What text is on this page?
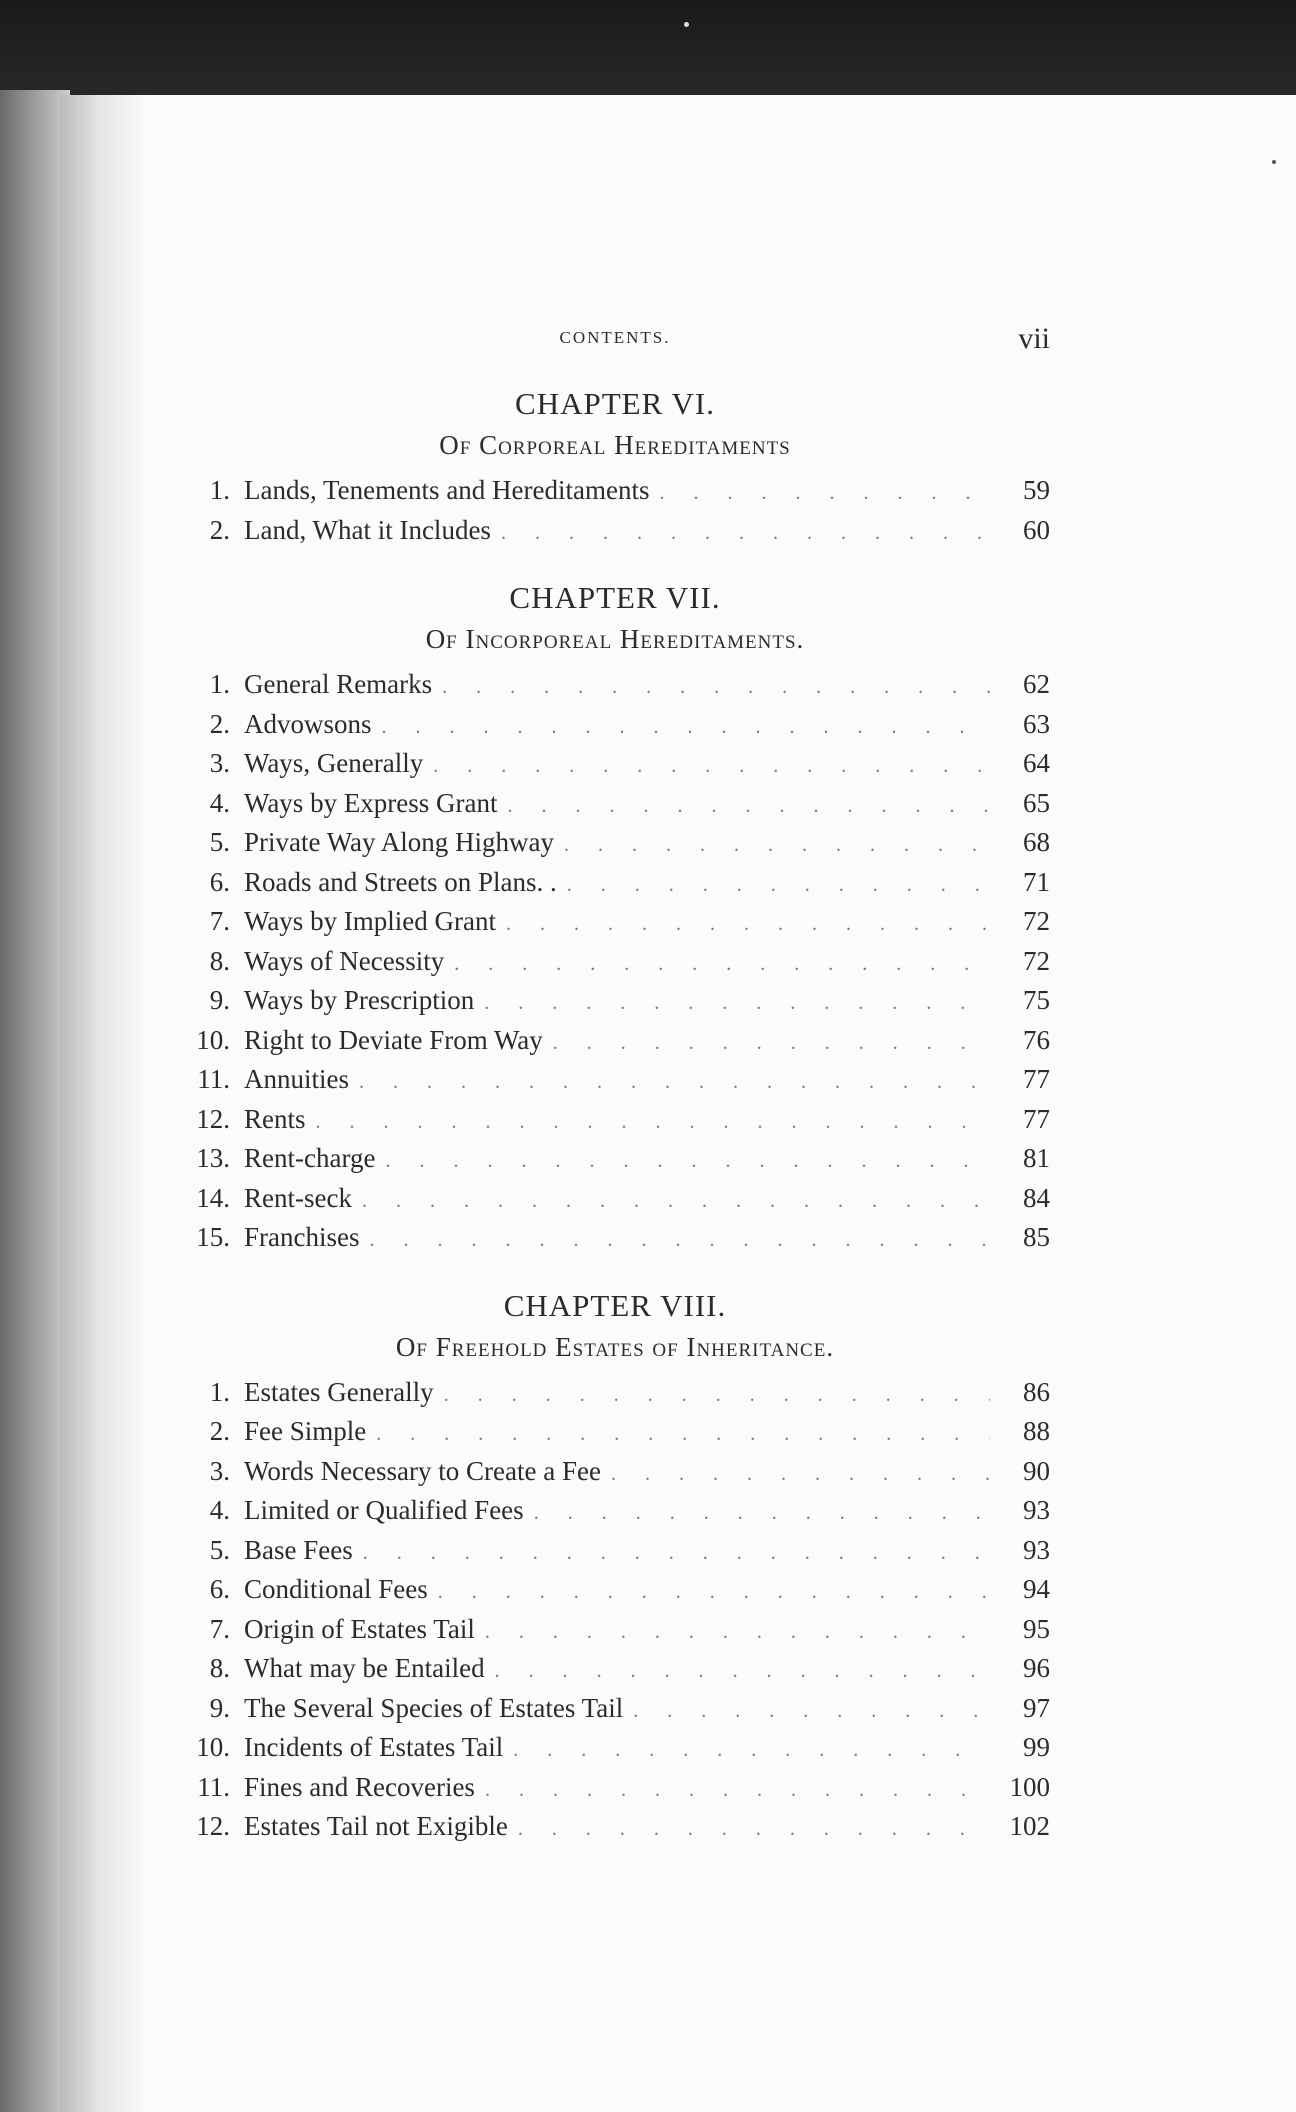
CONTENTS.	vii
CHAPTER VI.
Of Corporeal Hereditaments
1. Lands, Tenements and Hereditaments . . .	59
2. Land, What it Includes . . .	60
CHAPTER VII.
Of Incorporeal Hereditaments.
1. General Remarks . . .	62
2. Advowsons . . .	63
3. Ways, Generally . . .	64
4. Ways by Express Grant . . .	65
5. Private Way Along Highway . . .	68
6. Roads and Streets on Plans. . . . .	71
7. Ways by Implied Grant . . .	72
8. Ways of Necessity . . .	72
9. Ways by Prescription . . .	75
10. Right to Deviate From Way . . .	76
11. Annuities . . .	77
12. Rents . . .	77
13. Rent-charge . . .	81
14. Rent-seck . . .	84
15. Franchises . . .	85
CHAPTER VIII.
Of Freehold Estates of Inheritance.
1. Estates Generally . . .	86
2. Fee Simple . . .	88
3. Words Necessary to Create a Fee . . .	90
4. Limited or Qualified Fees . . .	93
5. Base Fees . . .	93
6. Conditional Fees . . .	94
7. Origin of Estates Tail . . .	95
8. What may be Entailed . . .	96
9. The Several Species of Estates Tail . . .	97
10. Incidents of Estates Tail . . .	99
11. Fines and Recoveries . . .	100
12. Estates Tail not Exigible . . .	102
